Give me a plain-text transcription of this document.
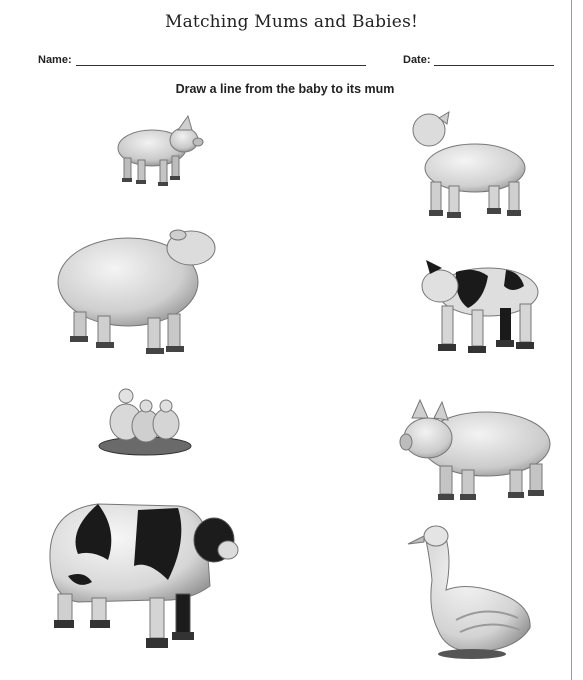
Matching Mums and Babies!
Name:	Date:
Draw a line from the baby to its mum
